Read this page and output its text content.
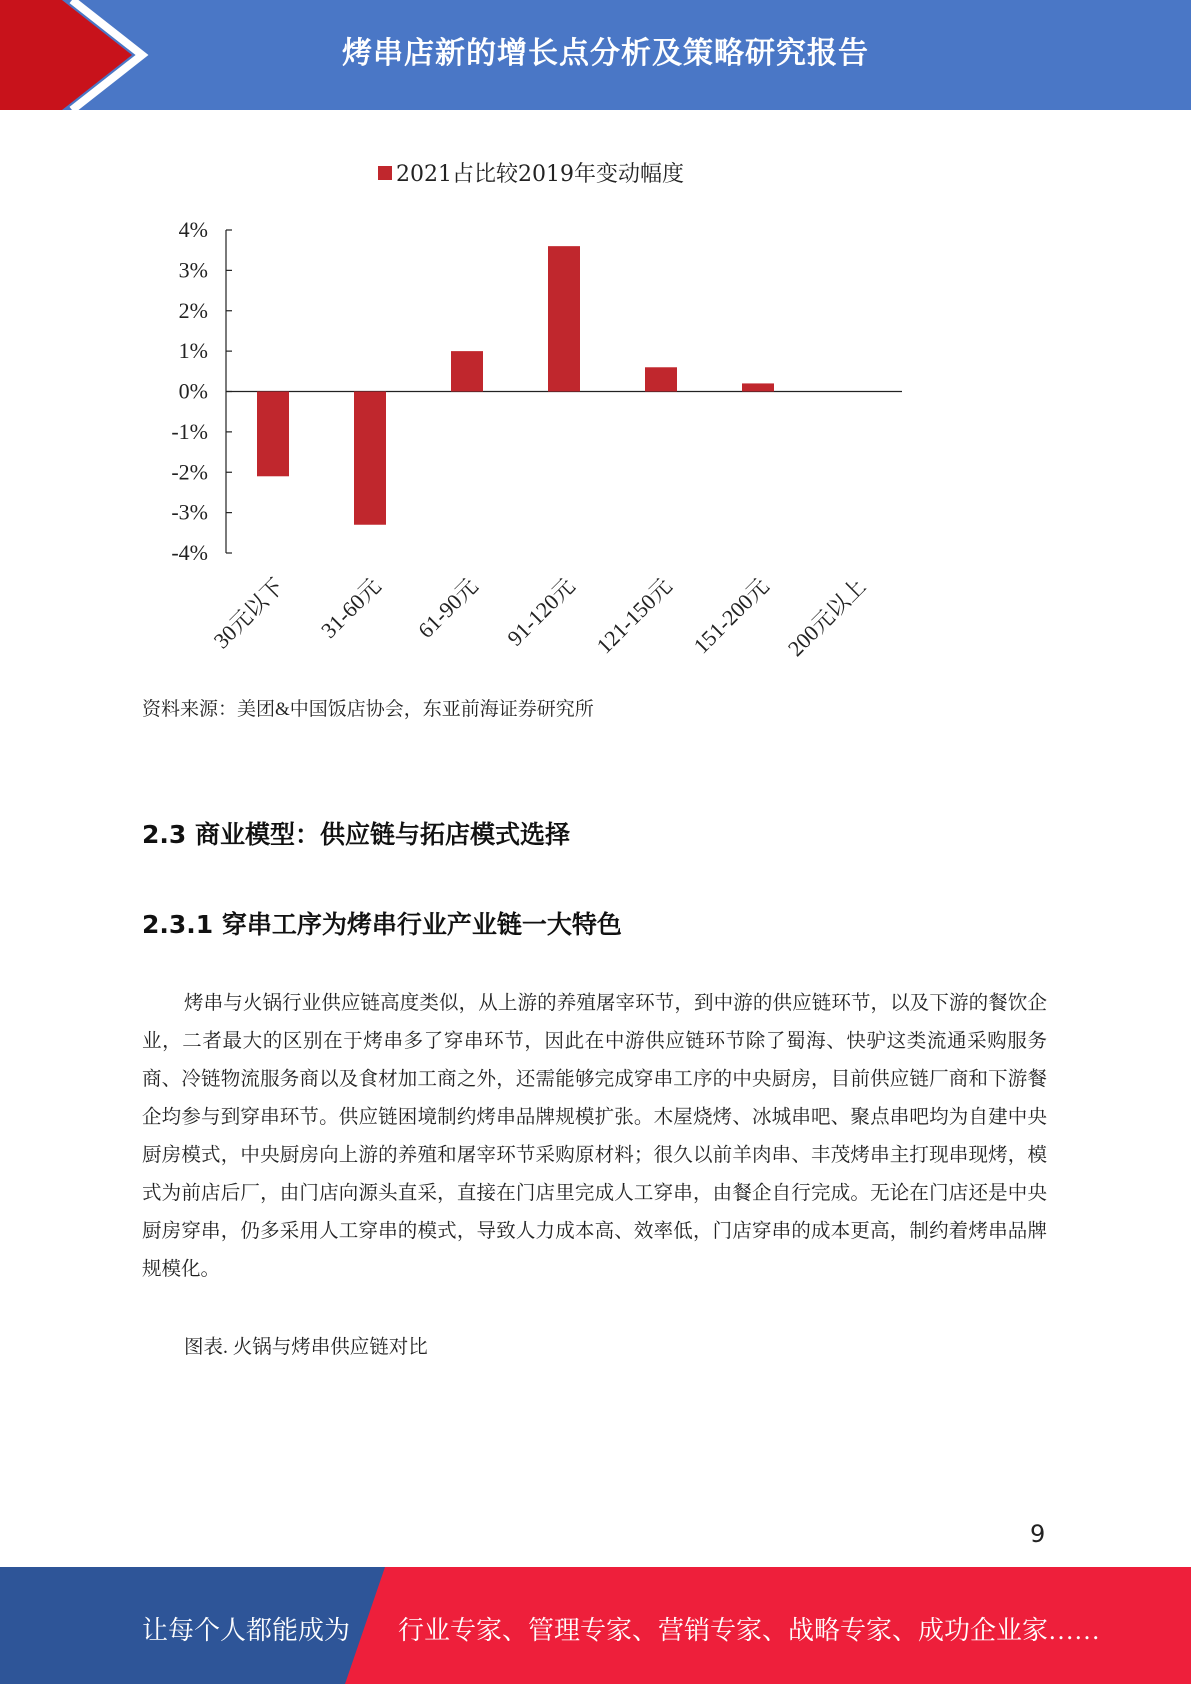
烤串店新的增长点分析及策略研究报告
2021占比较2019年变动幅度
4%
3%
2%
1%
0%
-1%
-2%
-3%
-4%
30元以下 31-60元 61-90元 91-120元 121-150元 151-200元 200元以上
资料来源：美团&中国饭店协会，东亚前海证券研究所
2.3 商业模型：供应链与拓店模式选择
2.3.1 穿串工序为烤串行业产业链一大特色
烤串与火锅行业供应链高度类似，从上游的养殖屠宰环节，到中游的供应链环节，以及下游的餐饮企业，二者最大的区别在于烤串多了穿串环节，因此在中游供应链环节除了蜀海、快驴这类流通采购服务商、冷链物流服务商以及食材加工商之外，还需能够完成穿串工序的中央厨房，目前供应链厂商和下游餐企均参与到穿串环节。供应链困境制约烤串品牌规模扩张。木屋烧烤、冰城串吧、聚点串吧均为自建中央厨房模式，中央厨房向上游的养殖和屠宰环节采购原材料；很久以前羊肉串、丰茂烤串主打现串现烤，模式为前店后厂，由门店向源头直采，直接在门店里完成人工穿串，由餐企自行完成。无论在门店还是中央厨房穿串，仍多采用人工穿串的模式，导致人力成本高、效率低，门店穿串的成本更高，制约着烤串品牌规模化。
图表. 火锅与烤串供应链对比
9
让每个人都能成为 行业专家、管理专家、营销专家、战略专家、成功企业家……
